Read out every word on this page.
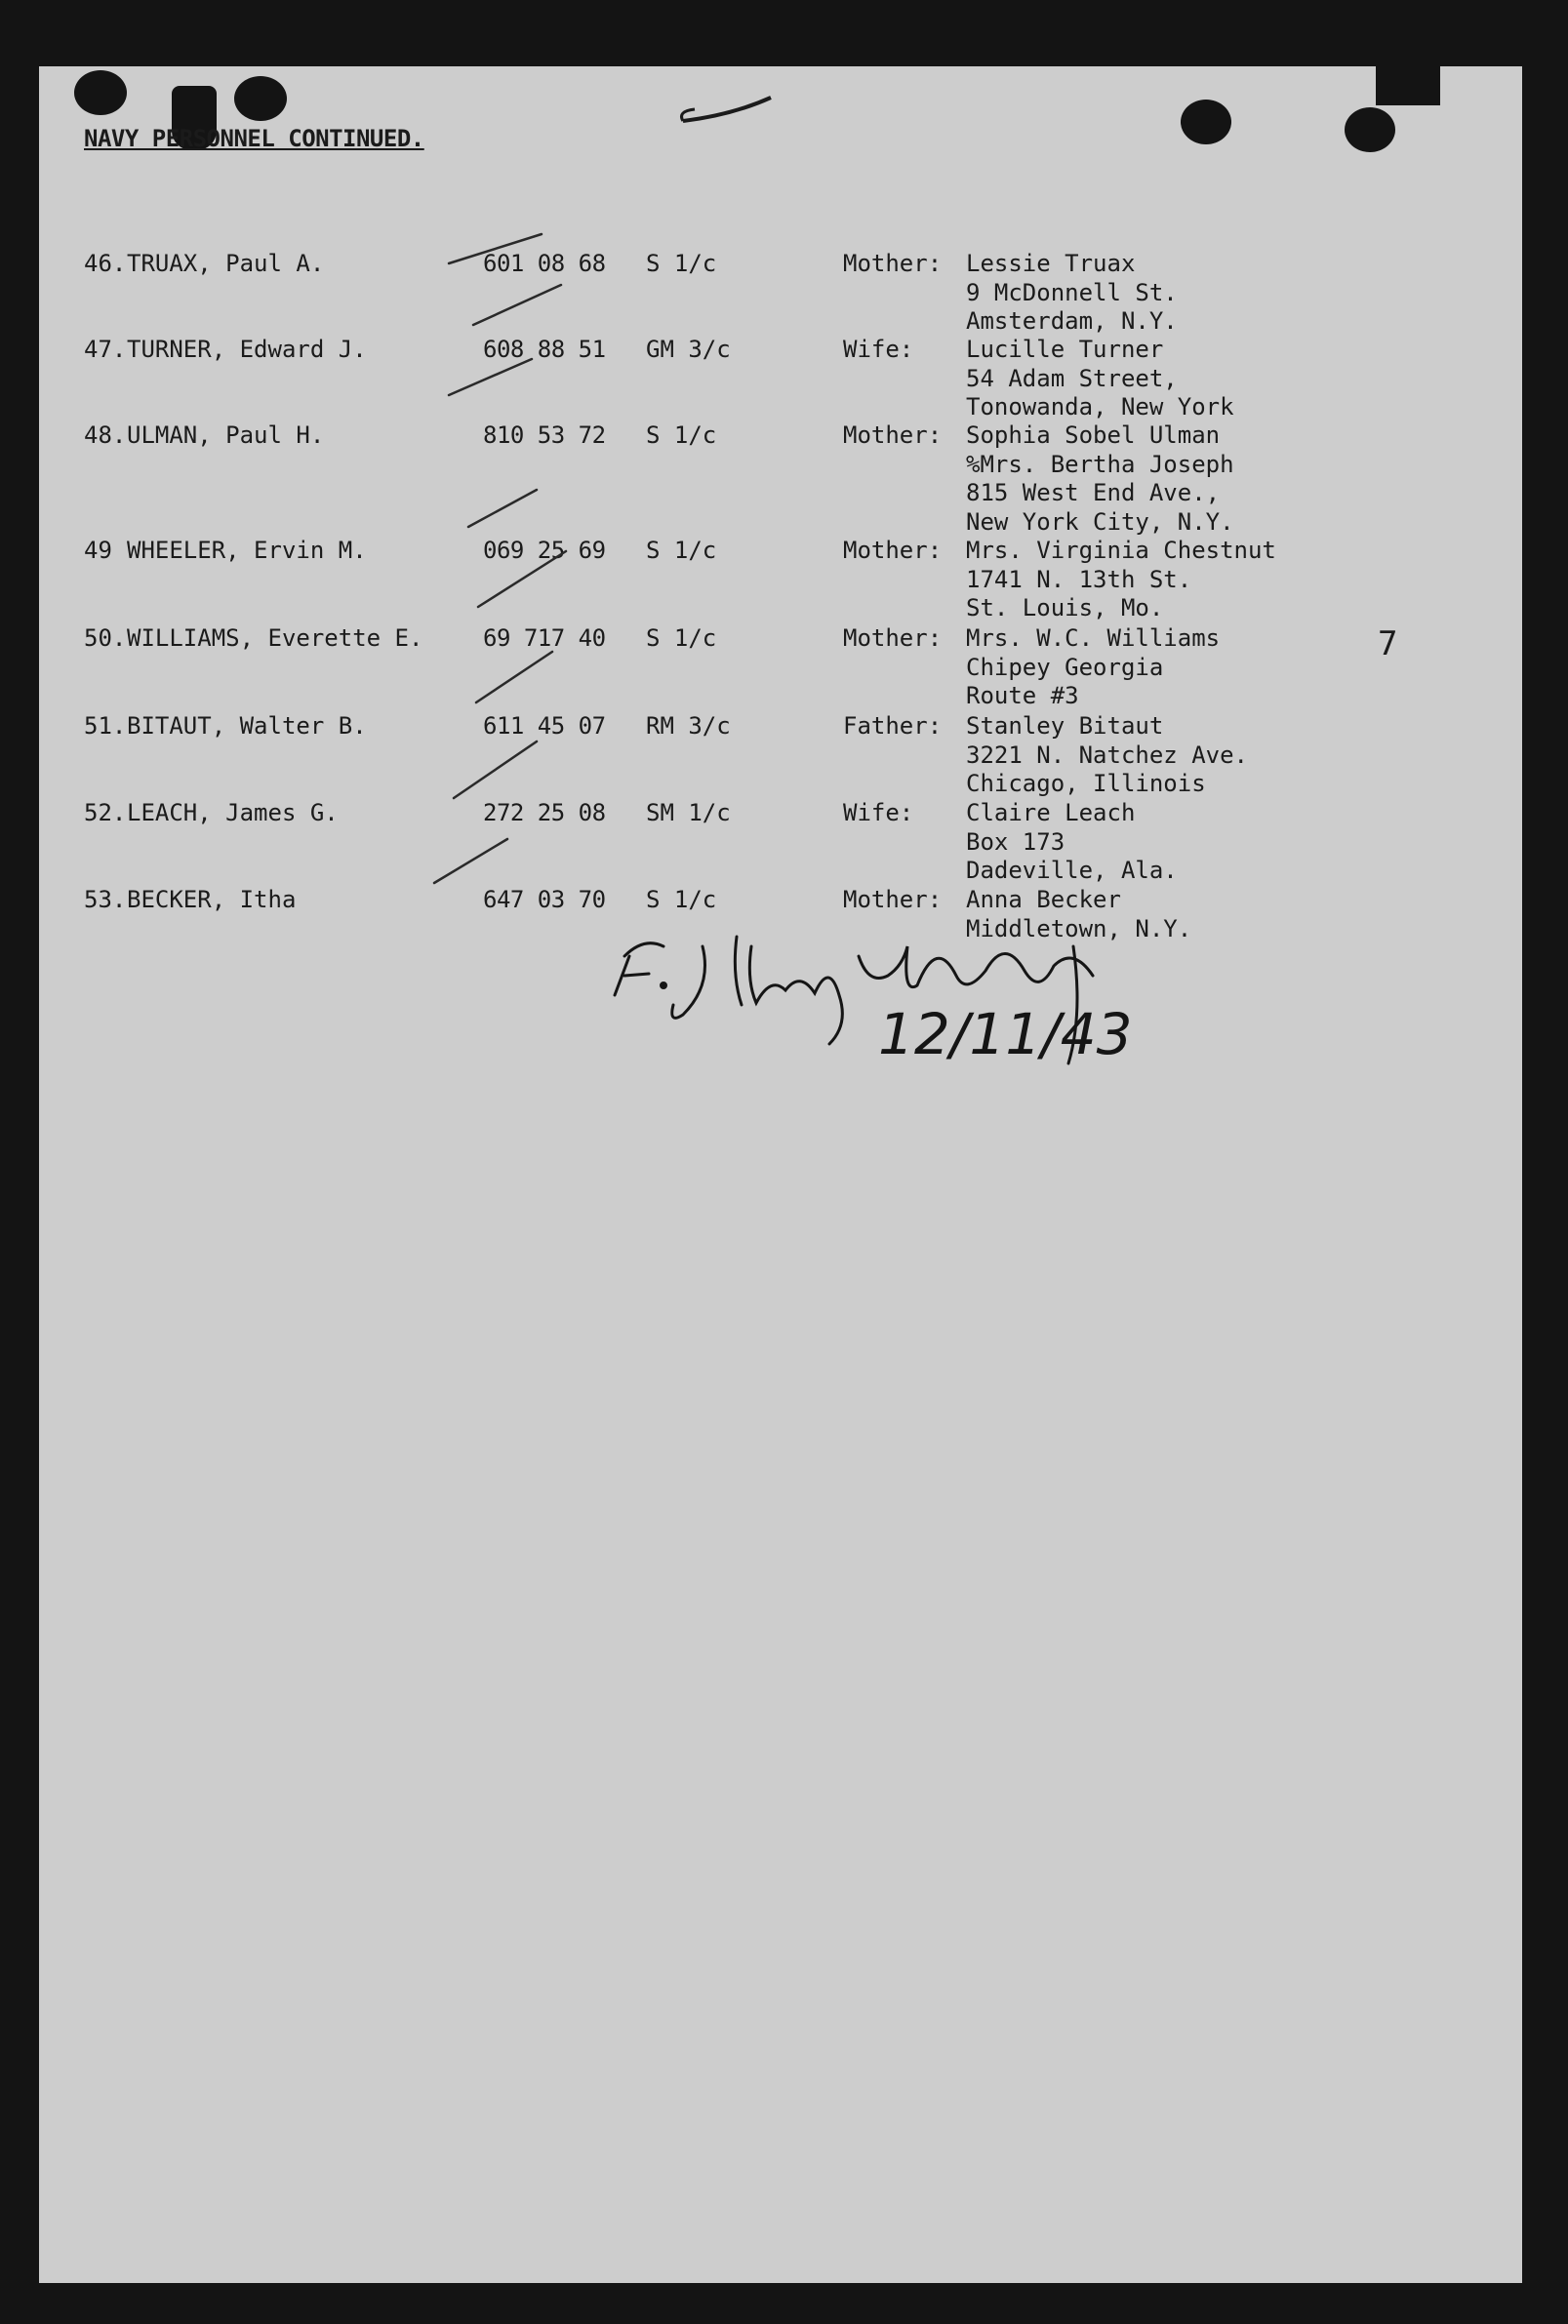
NAVY PERSONNEL CONTINUED.
46. TRUAX, Paul A.	601 08 68 S 1/c	Mother: Lessie Truax
9 McDonnell St.
Amsterdam, N.Y.
47. TURNER, Edward J.	608 88 51 GM 3/c	Wife: Lucille Turner
54 Adam Street,
Tonowanda, New York
48. ULMAN, Paul H.	810 53 72 S 1/c	Mother: Sophia Sobel Ulman
%Mrs. Bertha Joseph
815 West End Ave.,
New York City, N.Y.
49 WHEELER, Ervin M.	069 25 69 S 1/c	Mother: Mrs. Virginia Chestnut
1741 N. 13th St.
St. Louis, Mo.
50. WILLIAMS, Everette E.	69 717 40 S 1/c	Mother: Mrs. W.C. Williams
Chipey Georgia
Route #3
51. BITAUT, Walter B.	611 45 07 RM 3/c	Father: Stanley Bitaut
3221 N. Natchez Ave.
Chicago, Illinois
52. LEACH, James G.	272 25 08 SM 1/c	Wife: Claire Leach
Box 173
Dadeville, Ala.
53. BECKER, Itha	647 03 70 S 1/c	Mother: Anna Becker
Middletown, N.Y.
7
12/11/43
